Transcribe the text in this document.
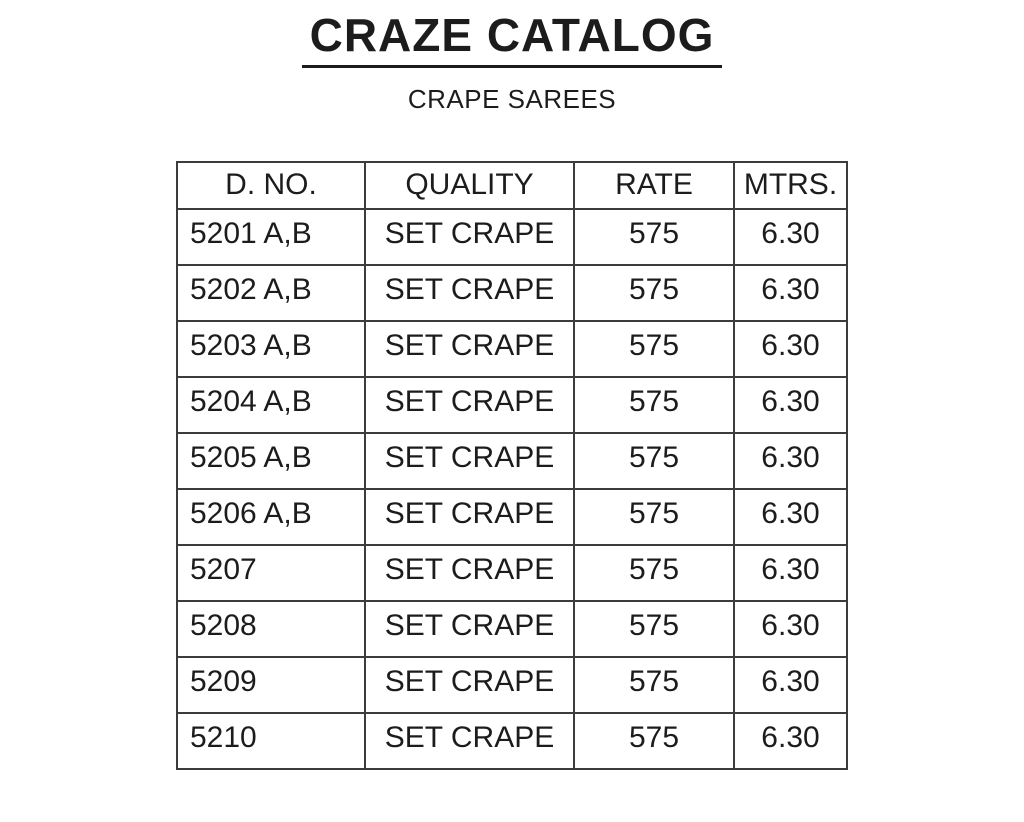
CRAZE CATALOG
CRAPE SAREES
D. NO.	QUALITY	RATE	MTRS.
5201 A,B	SET CRAPE	575	6.30
5202 A,B	SET CRAPE	575	6.30
5203 A,B	SET CRAPE	575	6.30
5204 A,B	SET CRAPE	575	6.30
5205 A,B	SET CRAPE	575	6.30
5206 A,B	SET CRAPE	575	6.30
5207	SET CRAPE	575	6.30
5208	SET CRAPE	575	6.30
5209	SET CRAPE	575	6.30
5210	SET CRAPE	575	6.30
